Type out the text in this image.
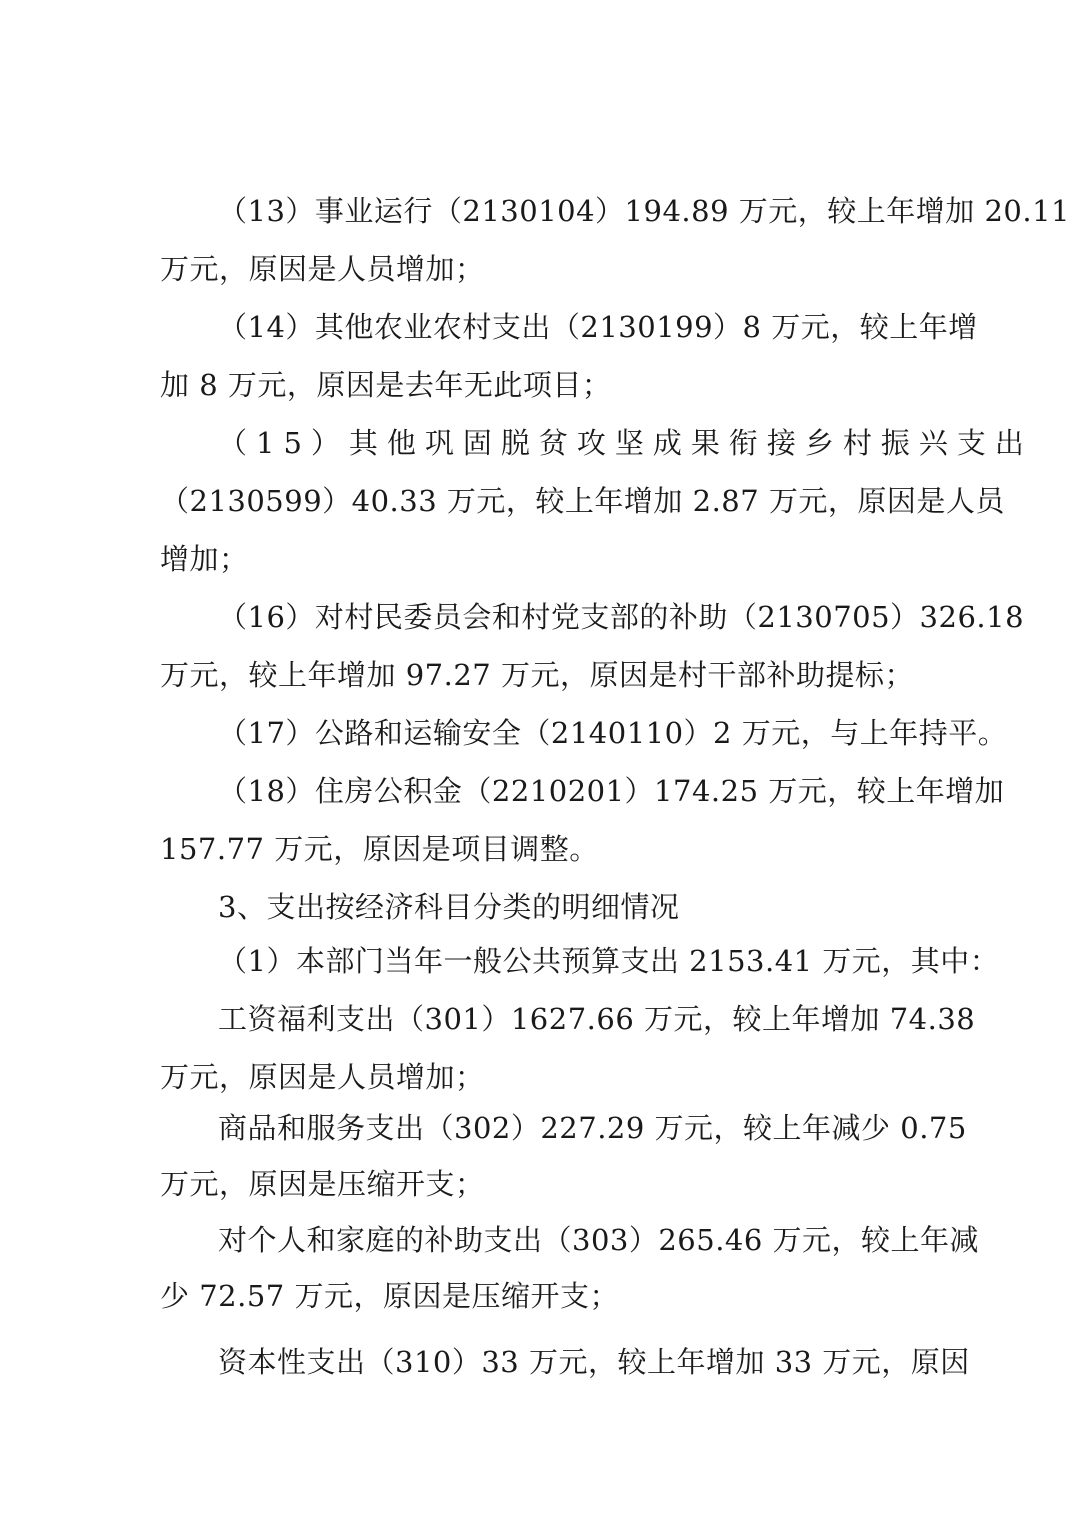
（13）事业运行（2130104）194.89 万元，较上年增加 20.11
万元，原因是人员增加；
（14）其他农业农村支出（2130199）8 万元，较上年增
加 8 万元，原因是去年无此项目；
（15）其他巩固脱贫攻坚成果衔接乡村振兴支出
（2130599）40.33 万元，较上年增加 2.87 万元，原因是人员
增加；
（16）对村民委员会和村党支部的补助（2130705）326.18
万元，较上年增加 97.27 万元，原因是村干部补助提标；
（17）公路和运输安全（2140110）2 万元，与上年持平。
（18）住房公积金（2210201）174.25 万元，较上年增加
157.77 万元，原因是项目调整。
3、支出按经济科目分类的明细情况
（1）本部门当年一般公共预算支出 2153.41 万元，其中：
工资福利支出（301）1627.66 万元，较上年增加 74.38
万元，原因是人员增加；
商品和服务支出（302）227.29 万元，较上年减少 0.75
万元，原因是压缩开支；
对个人和家庭的补助支出（303）265.46 万元，较上年减
少 72.57 万元，原因是压缩开支；
资本性支出（310）33 万元，较上年增加 33 万元，原因
